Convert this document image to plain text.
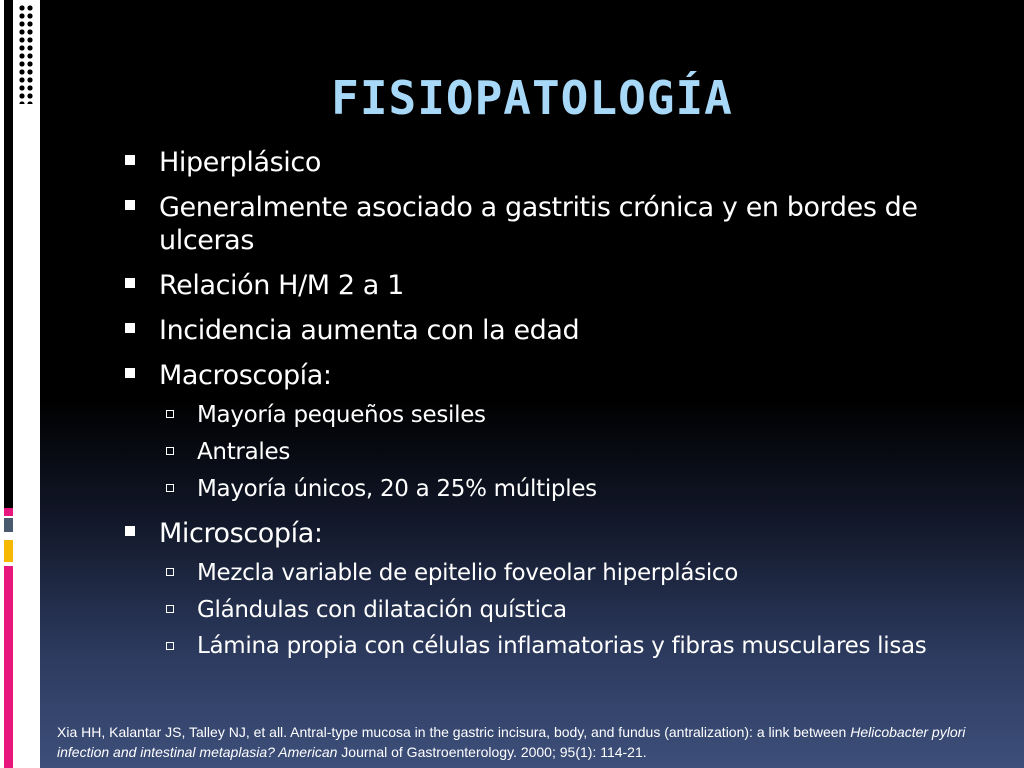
FISIOPATOLOGÍA
Hiperplásico
Generalmente asociado a gastritis crónica y en bordes de ulceras
Relación H/M 2 a 1
Incidencia aumenta con la edad
Macroscopía:
Mayoría pequeños sesiles
Antrales
Mayoría únicos, 20 a 25% múltiples
Microscopía:
Mezcla variable de epitelio foveolar hiperplásico
Glándulas con dilatación quística
Lámina propia con células inflamatorias y fibras musculares lisas
Xia HH, Kalantar JS, Talley NJ, et all. Antral-type mucosa in the gastric incisura, body, and fundus (antralization): a link between Helicobacter pylori infection and intestinal metaplasia? American Journal of Gastroenterology. 2000; 95(1): 114-21.
